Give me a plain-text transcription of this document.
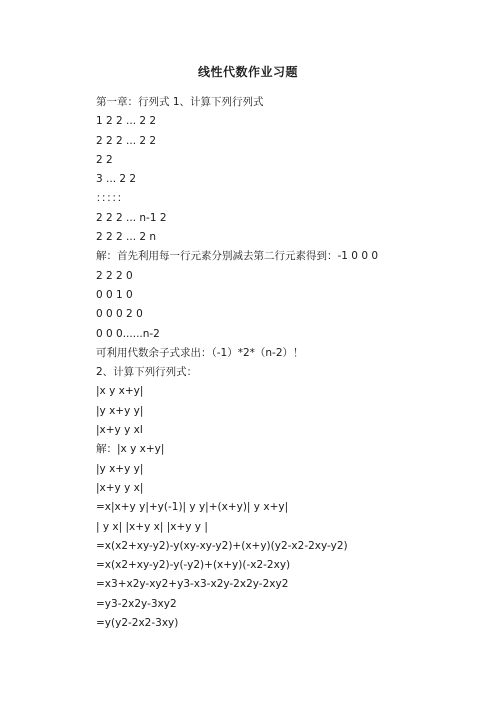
线性代数作业习题
第一章：行列式 1、计算下列行列式
1 2 2 ... 2 2
2 2 2 ... 2 2
2 2
3 ... 2 2
：：：：：
2 2 2 ... n-1 2
2 2 2 ... 2 n
解：首先利用每一行元素分别减去第二行元素得到：-1 0 0 0
2 2 2 0
0 0 1 0
0 0 0 2 0
0 0 0......n-2
可利用代数余子式求出：（-1）*2*（n-2）！
2、计算下列行列式：
|x y x+y|
|y x+y y|
|x+y y xl
解：|x y x+y|
|y x+y y|
|x+y y x|
=x|x+y y|+y(-1)| y y|+(x+y)| y x+y|
| y x| |x+y x| |x+y y |
=x(x2+xy-y2)-y(xy-xy-y2)+(x+y)(y2-x2-2xy-y2)
=x(x2+xy-y2)-y(-y2)+(x+y)(-x2-2xy)
=x3+x2y-xy2+y3-x3-x2y-2x2y-2xy2
=y3-2x2y-3xy2
=y(y2-2x2-3xy)
